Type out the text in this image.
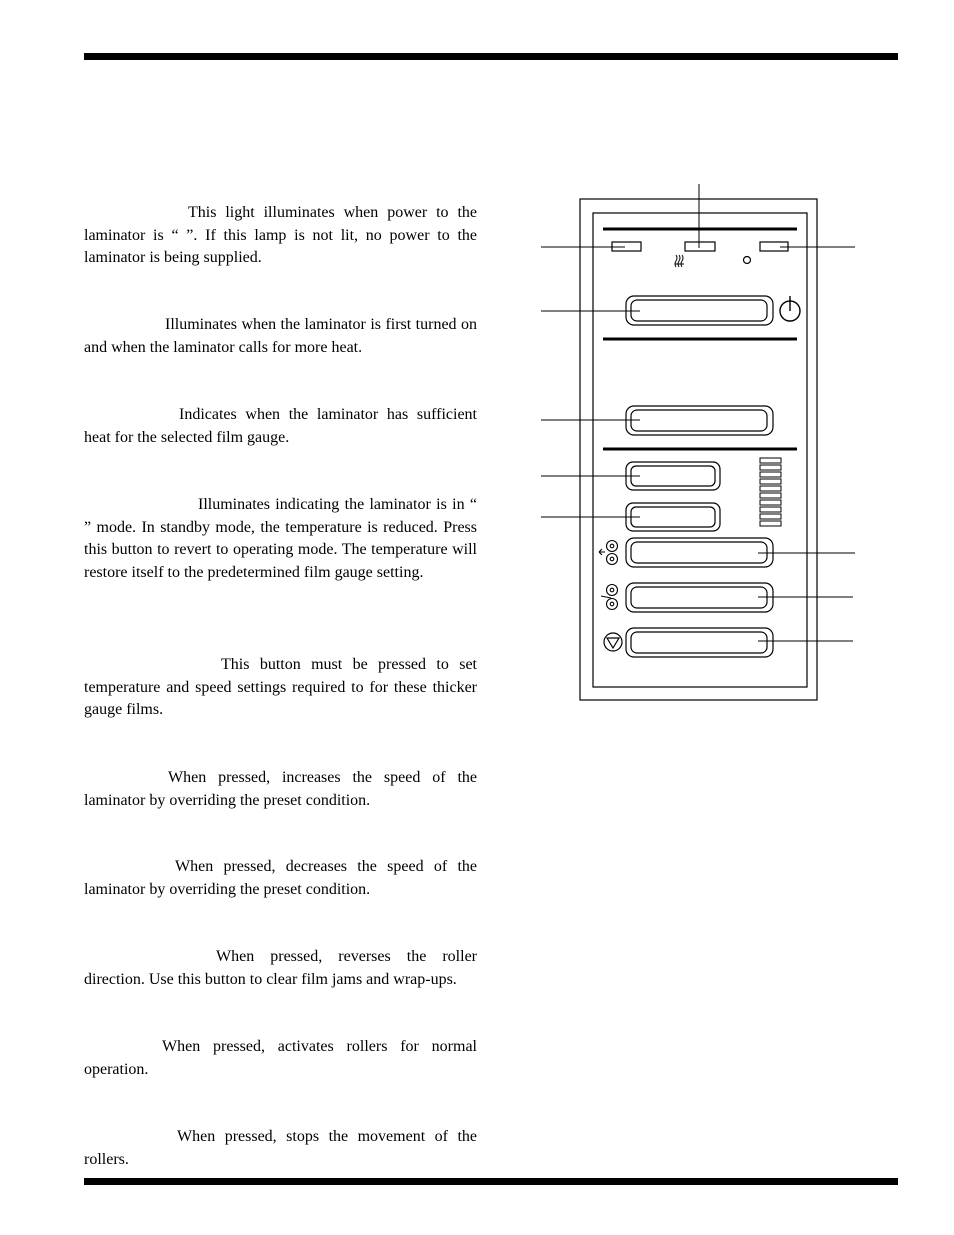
This light illuminates when power to the laminator is “ ”. If this lamp is not lit, no power to the laminator is being supplied.

Illuminates when the laminator is first turned on and when the laminator calls for more heat.

Indicates when the laminator has sufficient heat for the selected film gauge.

Illuminates indicating the laminator is in “ ” mode. In standby mode, the temperature is reduced. Press this button to revert to operating mode. The temperature will restore itself to the predetermined film gauge setting.

This button must be pressed to set temperature and speed settings required to for these thicker gauge films.

When pressed, increases the speed of the laminator by overriding the preset condition.

When pressed, decreases the speed of the laminator by overriding the preset condition.

When pressed, reverses the roller direction. Use this button to clear film jams and wrap-ups.

When pressed, activates rollers for normal operation.

When pressed, stops the movement of the rollers.
